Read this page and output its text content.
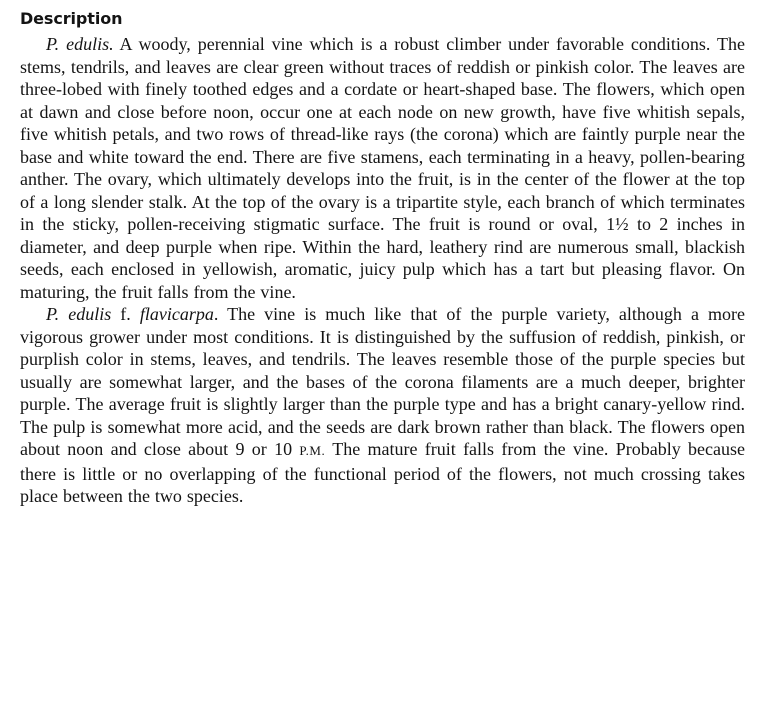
Description

P. edulis. A woody, perennial vine which is a robust climber under favorable conditions. The stems, tendrils, and leaves are clear green without traces of reddish or pinkish color. The leaves are three-lobed with finely toothed edges and a cordate or heart-shaped base. The flowers, which open at dawn and close before noon, occur one at each node on new growth, have five whitish sepals, five whitish petals, and two rows of thread-like rays (the corona) which are faintly purple near the base and white toward the end. There are five stamens, each terminating in a heavy, pollen-bearing anther. The ovary, which ultimately develops into the fruit, is in the center of the flower at the top of a long slender stalk. At the top of the ovary is a tripartite style, each branch of which terminates in the sticky, pollen-receiving stigmatic surface. The fruit is round or oval, 1½ to 2 inches in diameter, and deep purple when ripe. Within the hard, leathery rind are numerous small, blackish seeds, each enclosed in yellowish, aromatic, juicy pulp which has a tart but pleasing flavor. On maturing, the fruit falls from the vine.

P. edulis f. flavicarpa. The vine is much like that of the purple variety, although a more vigorous grower under most conditions. It is distinguished by the suffusion of reddish, pinkish, or purplish color in stems, leaves, and tendrils. The leaves resemble those of the purple species but usually are somewhat larger, and the bases of the corona filaments are a much deeper, brighter purple. The average fruit is slightly larger than the purple type and has a bright canary-yellow rind. The pulp is somewhat more acid, and the seeds are dark brown rather than black. The flowers open about noon and close about 9 or 10 P.M. The mature fruit falls from the vine. Probably because there is little or no overlapping of the functional period of the flowers, not much crossing takes place between the two species.
